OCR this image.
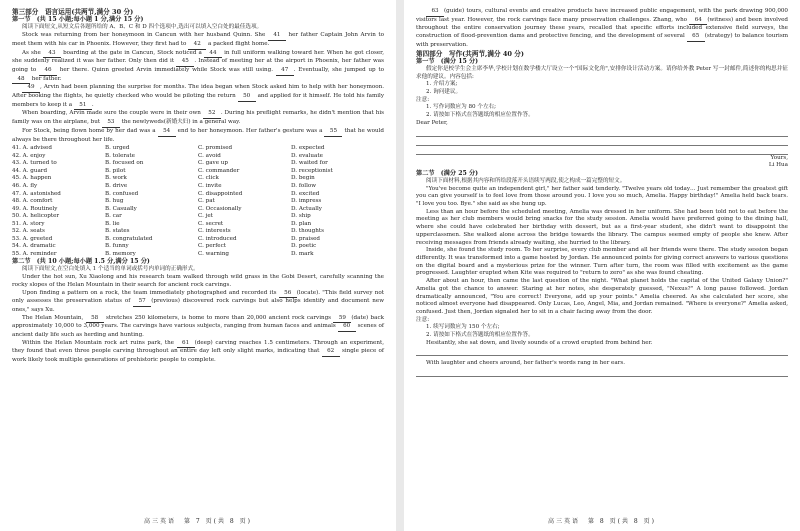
第三部分　语言运用(共两节,满分 30 分)

第一节　(共 15 小题;每小题 1 分,满分 15 分)

阅读下面短文,从短文后各题所给的 A、B、C 和 D 四个选项中,选出可以填入空白处的最佳选项。

Stock was returning from her honeymoon in Cancun with her husband Quinn. She 41 her father Captain John Arvin to meet them with his car in Phoenix. However, they first had to 42 a packed flight home.

As she 43 boarding at the gate in Cancun, Stock noticed a 44 in full uniform walking toward her. When he got closer, she suddenly realized it was her father. Only then did it 45 . Instead of meeting her at the airport in Phoenix, her father was going to 46 her there. Quinn greeted Arvin immediately while Stock was still using. 47 . Eventually, she jumped up to 48 her father.

49 , Arvin had been planning the surprise for months. The idea began when Stock asked him to help with her honeymoon. After booking the flights, he quietly checked who would be piloting the return 50 and applied for it himself. He told his family members to keep it a 51 .

When boarding, Arvin made sure the couple were in their own 52 . During his preflight remarks, he didn't mention that his family was on the airplane, but 53 the newlyweds(新婚夫妇) in a general way.

For Stock, being flown home by her dad was a 54 end to her honeymoon. Her father's gesture was a 55 that he would always be there throughout her life.

41. A. advised	B. urged	C. promised	D. expected
42. A. enjoy	B. tolerate	C. avoid	D. evaluate
43. A. turned to	B. focused on	C. gave up	D. waited for
44. A. guard	B. pilot	C. commander	D. receptionist
45. A. happen	B. work	C. click	D. begin
46. A. fly	B. drive	C. invite	D. follow
47. A. astonished	B. confused	C. disappointed	D. excited
48. A. comfort	B. hug	C. pat	D. impress
49. A. Routinely	B. Casually	C. Occasionally	D. Actually
50. A. helicopter	B. car	C. jet	D. ship
51. A. story	B. lie	C. secret	D. plan
52. A. seats	B. states	C. interests	D. thoughts
53. A. greeted	B. congratulated	C. introduced	D. praised
54. A. dramatic	B. funny	C. perfect	D. poetic
55. A. reminder	B. memory	C. warning	D. mark

第二节　(共 10 小题;每小题 1.5 分,满分 15 分)

阅读下面短文,在空白处填入 1 个适当的单词或括号内单词的正确形式。

Under the hot sun, Xu Xiaolong and his research team walked through wild grass in the Gobi Desert, carefully scanning the rocky slopes of the Helan Mountain in their search for ancient rock carvings.

Upon finding a pattern on a rock, the team immediately photographed and recorded its 56 (locate). "This field survey not only assesses the preservation status of 57 (previous) discovered rock carvings but also helps identify and document new ones," says Xu.

The Helan Mountain, 58 stretches 250 kilometers, is home to more than 20,000 ancient rock carvings 59 (date) back approximately 10,000 to 3,000 years. The carvings have various subjects, ranging from human faces and animals 60 scenes of ancient daily life such as herding and hunting.

Within the Helan Mountain rock art ruins park, the 61 (deep) carving reaches 1.5 centimeters. Through an experiment, they found that even three people carving throughout an entire day left only slight marks, indicating that 62 single piece of work likely took multiple generations of prehistoric people to complete.

高三英语　第 7 页(共 8 页)

63 (guide) tours, cultural events and creative products have increased public engagement, with the park drawing 900,000 visitors last year. However, the rock carvings face many preservation challenges. Zhang, who 64 (witness) and been involved throughout the entire conservation journey these years, recalled that specific efforts included extensive field surveys, the construction of flood-prevention dams and protective fencing, and the development of several 65 (strategy) to balance tourism with preservation.

第四部分　写作(共两节,满分 40 分)

第一节　(满分 15 分)

假定你是校学生会主席李华,学校计划在数学楼大厅设立一个"国际文化角",安排你设计活动方案。请你给外教 Peter 写一封邮件,简述你的构思并征求他的建议。内容包括:

1. 介绍方案;

2. 询问建议。

注意:

1. 写作词数应为 80 个左右;

2. 请按如下格式在答题纸的相应位置作答。

Dear Peter,

Yours,

Li Hua

第二节　(满分 25 分)

阅读下面材料,根据其内容和所给段落开头语续写两段,使之构成一篇完整的短文。

"You've become quite an independent girl," her father said tenderly. "Twelve years old today… Just remember the greatest gift you can give yourself is to feel love from those around you. I love you so much, Amelia. Happy birthday!" Amelia held back tears. "I love you too. Bye." she said as she hung up.

Less than an hour before the scheduled meeting, Amelia was dressed in her uniform. She had been told not to eat before the meeting as her club members would bring snacks for the study session. Amelia would have preferred going to the dining hall, where she could have celebrated her birthday with dessert, but as a first-year student, she didn't want to disappoint the upperclassmen. She walked alone across the bridge towards the library. The campus seemed empty of people she knew. After receiving messages from friends already waiting, she hurried to the library.

Inside, she found the study room. To her surprise, every club member and all her friends were there. The study session began differently. It was transformed into a game hosted by Jordan. He announced points for giving correct answers to various questions on the digital board and a mysterious prize for the winner. Turn after turn, the room was filled with excitement as the game progressed. Laughter erupted when Kite was required to "return to zero" as she was found cheating.

After about an hour, then came the last question of the night. "What planet holds the capital of the United Galaxy Union?" Amelia got the chance to answer. Staring at her notes, she desperately guessed, "Nexus?" A long pause followed. Jordan dramatically announced, "You are correct! Everyone, add up your points." Amelia cheered. As she calculated her score, she noticed almost everyone had disappeared. Only Lucas, Leo, Angel, Mia, and Jordan remained. "Where is everyone?" Amelia asked, confused. Just then, Jordan signaled her to sit in a chair facing away from the door.

注意:

1. 续写词数应为 150 个左右;

2. 请按如下格式在答题纸的相应位置作答。

Hesitantly, she sat down, and lively sounds of a crowd erupted from behind her.

With laughter and cheers around, her father's words rang in her ears.

高三英语　第 8 页(共 8 页)
